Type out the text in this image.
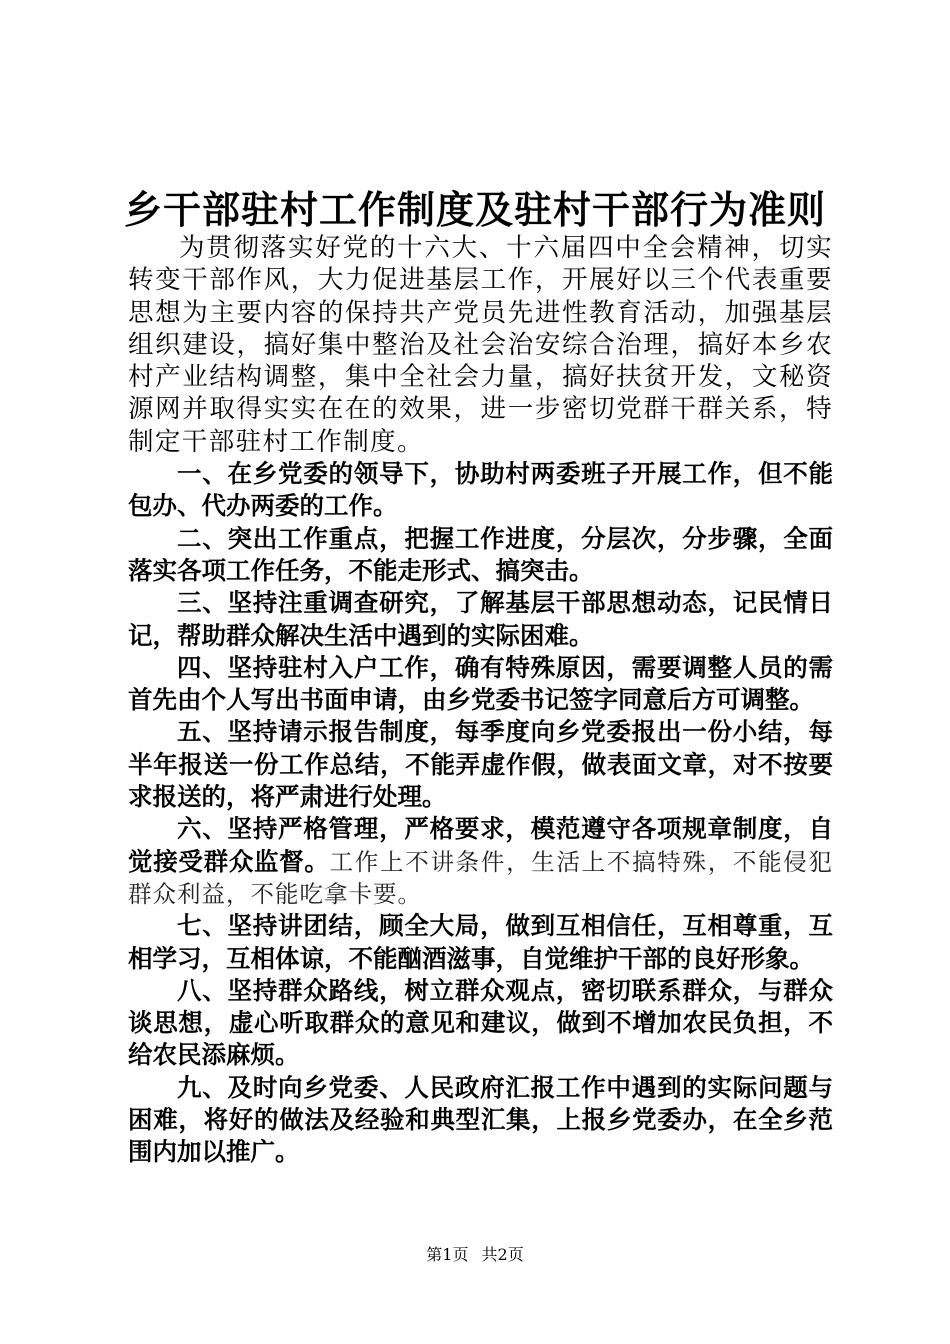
乡干部驻村工作制度及驻村干部行为准则

为贯彻落实好党的十六大、十六届四中全会精神，切实转变干部作风，大力促进基层工作，开展好以三个代表重要思想为主要内容的保持共产党员先进性教育活动，加强基层组织建设，搞好集中整治及社会治安综合治理，搞好本乡农村产业结构调整，集中全社会力量，搞好扶贫开发，文秘资源网并取得实实在在的效果，进一步密切党群干群关系，特制定干部驻村工作制度。

一、在乡党委的领导下，协助村两委班子开展工作，但不能包办、代办两委的工作。

二、突出工作重点，把握工作进度，分层次，分步骤，全面落实各项工作任务，不能走形式、搞突击。

三、坚持注重调查研究，了解基层干部思想动态，记民情日记，帮助群众解决生活中遇到的实际困难。

四、坚持驻村入户工作，确有特殊原因，需要调整人员的需首先由个人写出书面申请，由乡党委书记签字同意后方可调整。

五、坚持请示报告制度，每季度向乡党委报出一份小结，每半年报送一份工作总结，不能弄虚作假，做表面文章，对不按要求报送的，将严肃进行处理。

六、坚持严格管理，严格要求，模范遵守各项规章制度，自觉接受群众监督。工作上不讲条件，生活上不搞特殊，不能侵犯群众利益，不能吃拿卡要。

七、坚持讲团结，顾全大局，做到互相信任，互相尊重，互相学习，互相体谅，不能酗酒滋事，自觉维护干部的良好形象。

八、坚持群众路线，树立群众观点，密切联系群众，与群众谈思想，虚心听取群众的意见和建议，做到不增加农民负担，不给农民添麻烦。

九、及时向乡党委、人民政府汇报工作中遇到的实际问题与困难，将好的做法及经验和典型汇集，上报乡党委办，在全乡范围内加以推广。

第1页 共2页
